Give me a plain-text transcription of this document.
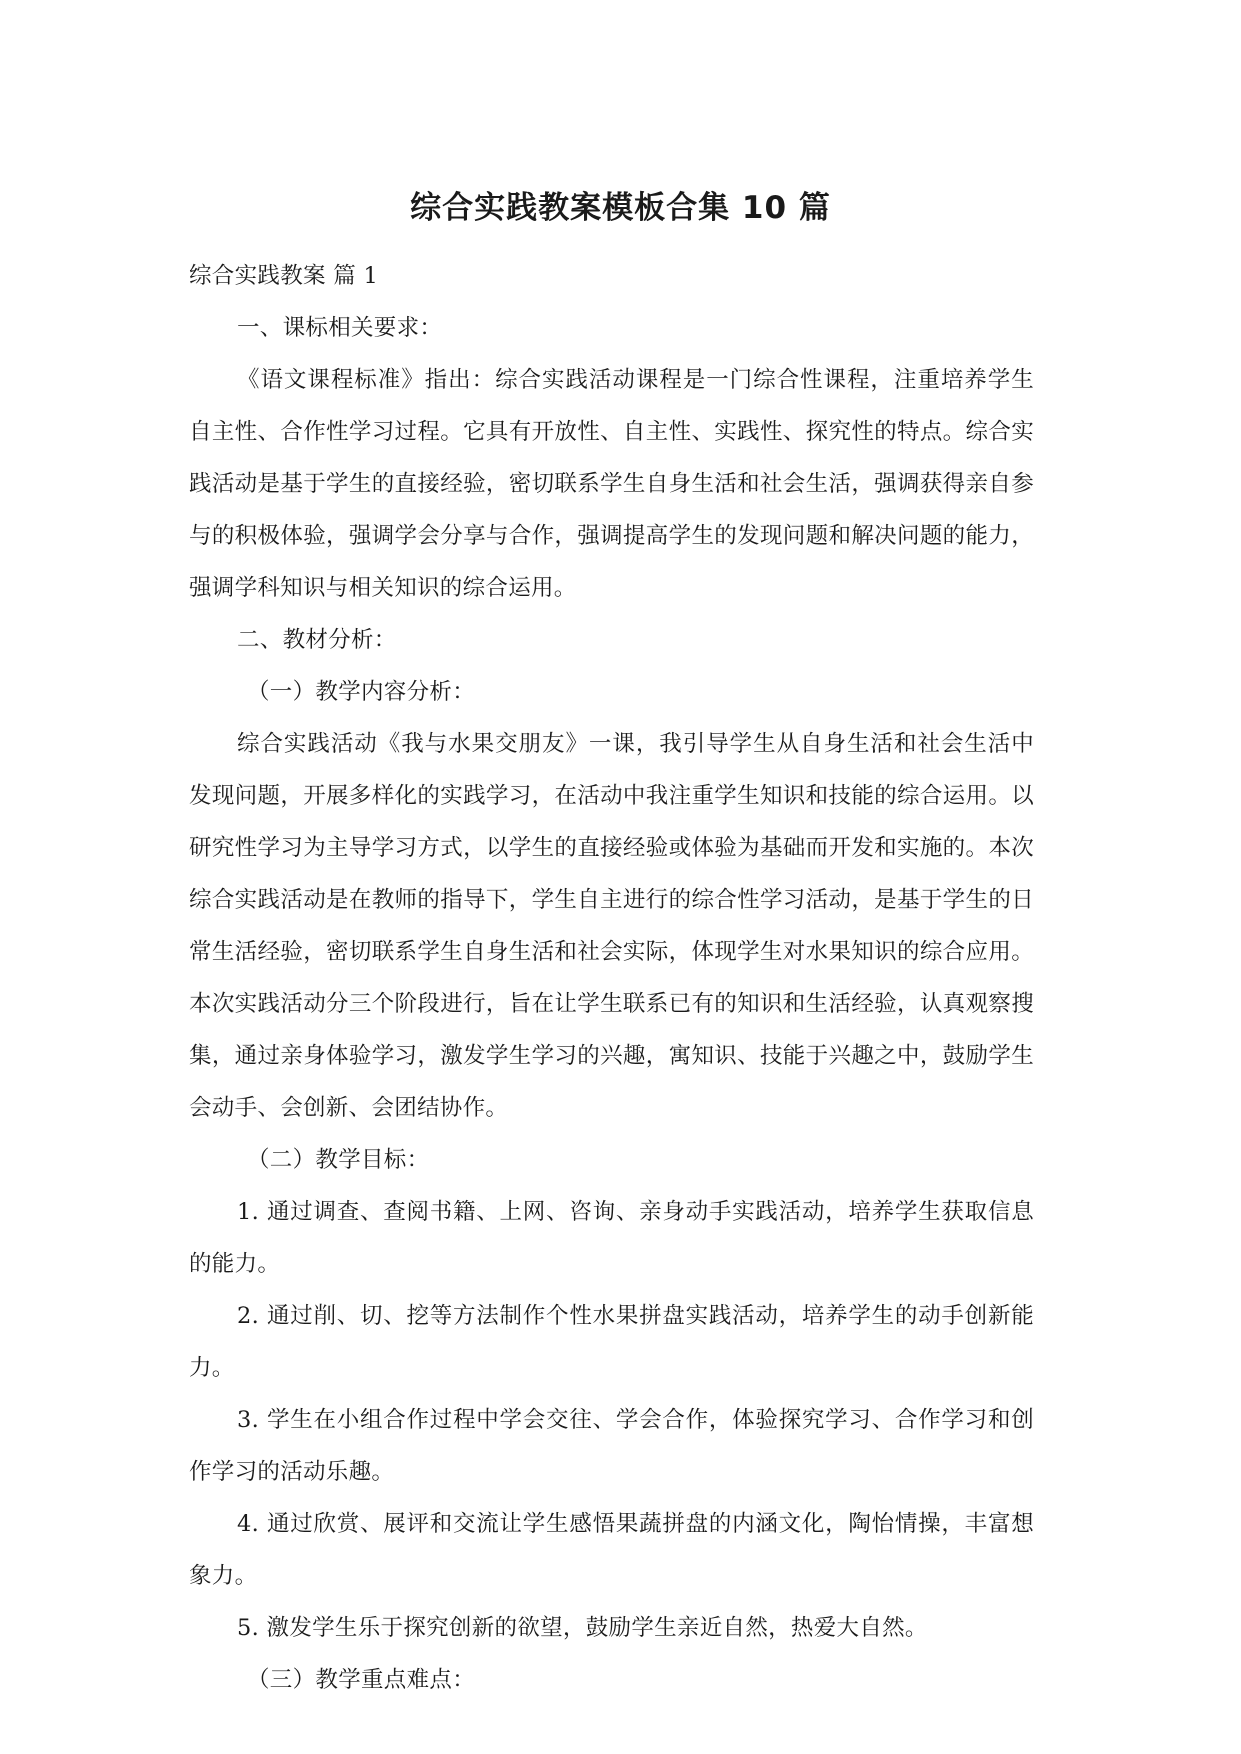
综合实践教案模板合集 10 篇

综合实践教案 篇 1

一、课标相关要求：

《语文课程标准》指出：综合实践活动课程是一门综合性课程，注重培养学生自主性、合作性学习过程。它具有开放性、自主性、实践性、探究性的特点。综合实践活动是基于学生的直接经验，密切联系学生自身生活和社会生活，强调获得亲自参与的积极体验，强调学会分享与合作，强调提高学生的发现问题和解决问题的能力，强调学科知识与相关知识的综合运用。

二、教材分析：

（一）教学内容分析：

综合实践活动《我与水果交朋友》一课，我引导学生从自身生活和社会生活中发现问题，开展多样化的实践学习，在活动中我注重学生知识和技能的综合运用。以研究性学习为主导学习方式，以学生的直接经验或体验为基础而开发和实施的。本次综合实践活动是在教师的指导下，学生自主进行的综合性学习活动，是基于学生的日常生活经验，密切联系学生自身生活和社会实际，体现学生对水果知识的综合应用。本次实践活动分三个阶段进行，旨在让学生联系已有的知识和生活经验，认真观察搜集，通过亲身体验学习，激发学生学习的兴趣，寓知识、技能于兴趣之中，鼓励学生会动手、会创新、会团结协作。

（二）教学目标：

1. 通过调查、查阅书籍、上网、咨询、亲身动手实践活动，培养学生获取信息的能力。

2. 通过削、切、挖等方法制作个性水果拼盘实践活动，培养学生的动手创新能力。

3. 学生在小组合作过程中学会交往、学会合作，体验探究学习、合作学习和创作学习的活动乐趣。

4. 通过欣赏、展评和交流让学生感悟果蔬拼盘的内涵文化，陶怡情操，丰富想象力。

5. 激发学生乐于探究创新的欲望，鼓励学生亲近自然，热爱大自然。

（三）教学重点难点：
